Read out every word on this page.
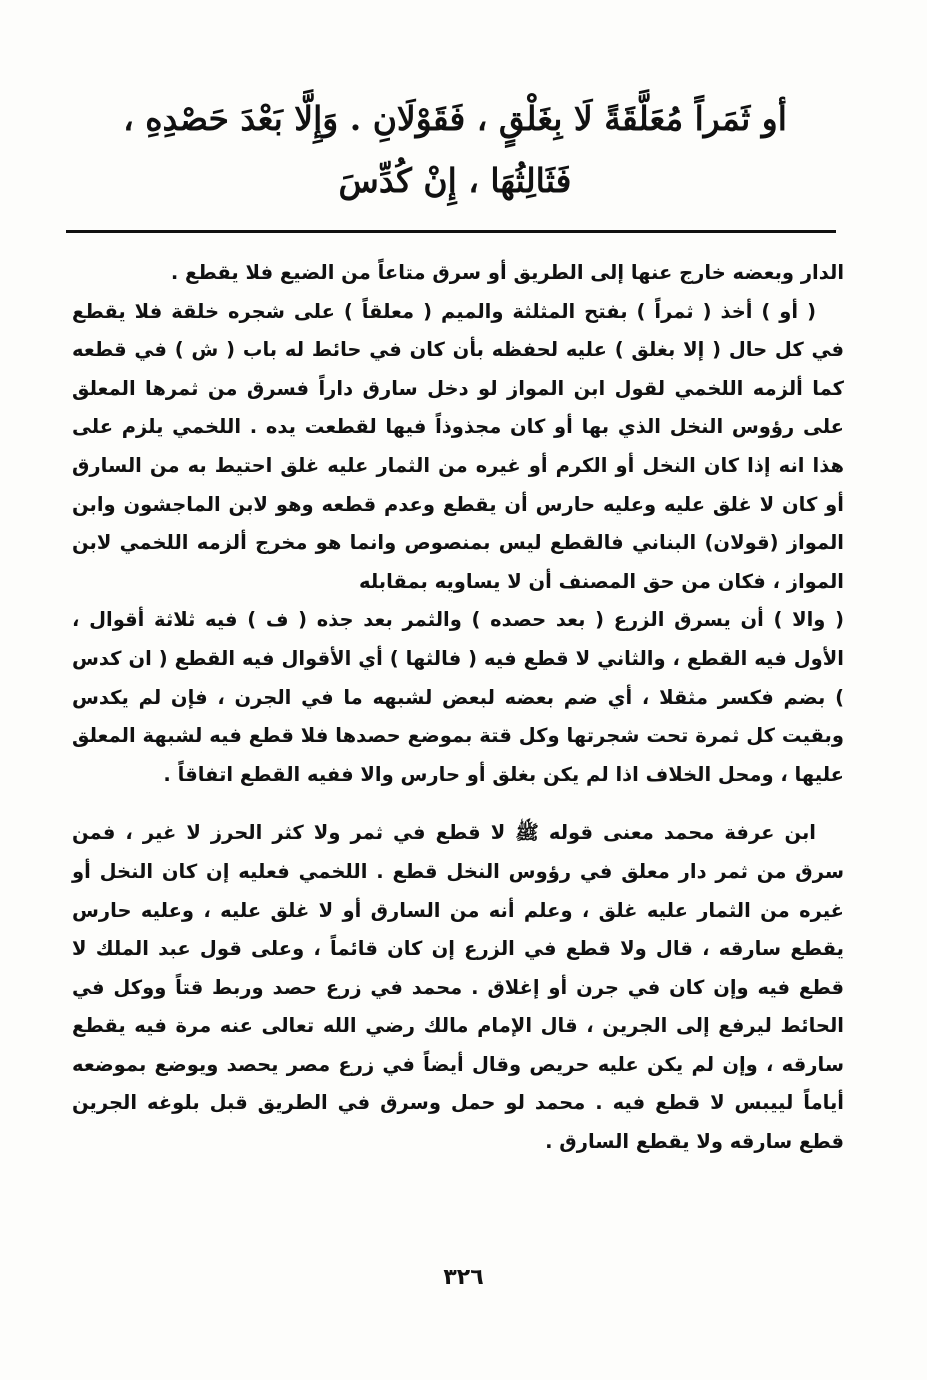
أو ثَمَراً مُعَلَّقَةً لَا بِغَلْقٍ ، فَقَوْلَانِ . وَإِلَّا بَعْدَ حَصْدِهِ ،
فَثَالِثُهَا ، إِنْ كُدِّسَ

الدار وبعضه خارج عنها إلى الطريق أو سرق متاعاً من الضيع فلا يقطع .

( أو ) أخذ ( ثمراً ) بفتح المثلثة والميم ( معلقاً ) على شجره خلقة فلا يقطع في كل حال ( إلا بغلق ) عليه لحفظه بأن كان في حائط له باب ( ش ) في قطعه كما ألزمه اللخمي لقول ابن المواز لو دخل سارق داراً فسرق من ثمرها المعلق على رؤوس النخل الذي بها أو كان مجذوذاً فيها لقطعت يده . اللخمي يلزم على هذا انه إذا كان النخل أو الكرم أو غيره من الثمار عليه غلق احتيط به من السارق أو كان لا غلق عليه وعليه حارس أن يقطع وعدم قطعه وهو لابن الماجشون وابن المواز (قولان) البناني فالقطع ليس بمنصوص وانما هو مخرج ألزمه اللخمي لابن المواز ، فكان من حق المصنف أن لا يساويه بمقابله

( والا ) أن يسرق الزرع ( بعد حصده ) والثمر بعد جذه ( ف ) فيه ثلاثة أقوال ، الأول فيه القطع ، والثاني لا قطع فيه ( فالثها ) أي الأقوال فيه القطع ( ان كدس ) بضم فكسر مثقلا ، أي ضم بعضه لبعض لشبهه ما في الجرن ، فإن لم يكدس وبقيت كل ثمرة تحت شجرتها وكل قتة بموضع حصدها فلا قطع فيه لشبهة المعلق عليها ، ومحل الخلاف اذا لم يكن بغلق أو حارس والا ففيه القطع اتفاقاً .

ابن عرفة محمد معنى قوله ﷺ لا قطع في ثمر ولا كثر الحرز لا غير ، فمن سرق من ثمر دار معلق في رؤوس النخل قطع . اللخمي فعليه إن كان النخل أو غيره من الثمار عليه غلق ، وعلم أنه من السارق أو لا غلق عليه ، وعليه حارس يقطع سارقه ، قال ولا قطع في الزرع إن كان قائماً ، وعلى قول عبد الملك لا قطع فيه وإن كان في جرن أو إغلاق . محمد في زرع حصد وربط قتاً ووكل في الحائط ليرفع إلى الجرين ، قال الإمام مالك رضي الله تعالى عنه مرة فيه يقطع سارقه ، وإن لم يكن عليه حريص وقال أيضاً في زرع مصر يحصد ويوضع بموضعه أياماً لييبس لا قطع فيه . محمد لو حمل وسرق في الطريق قبل بلوغه الجرين قطع سارقه ولا يقطع السارق .

٣٢٦
